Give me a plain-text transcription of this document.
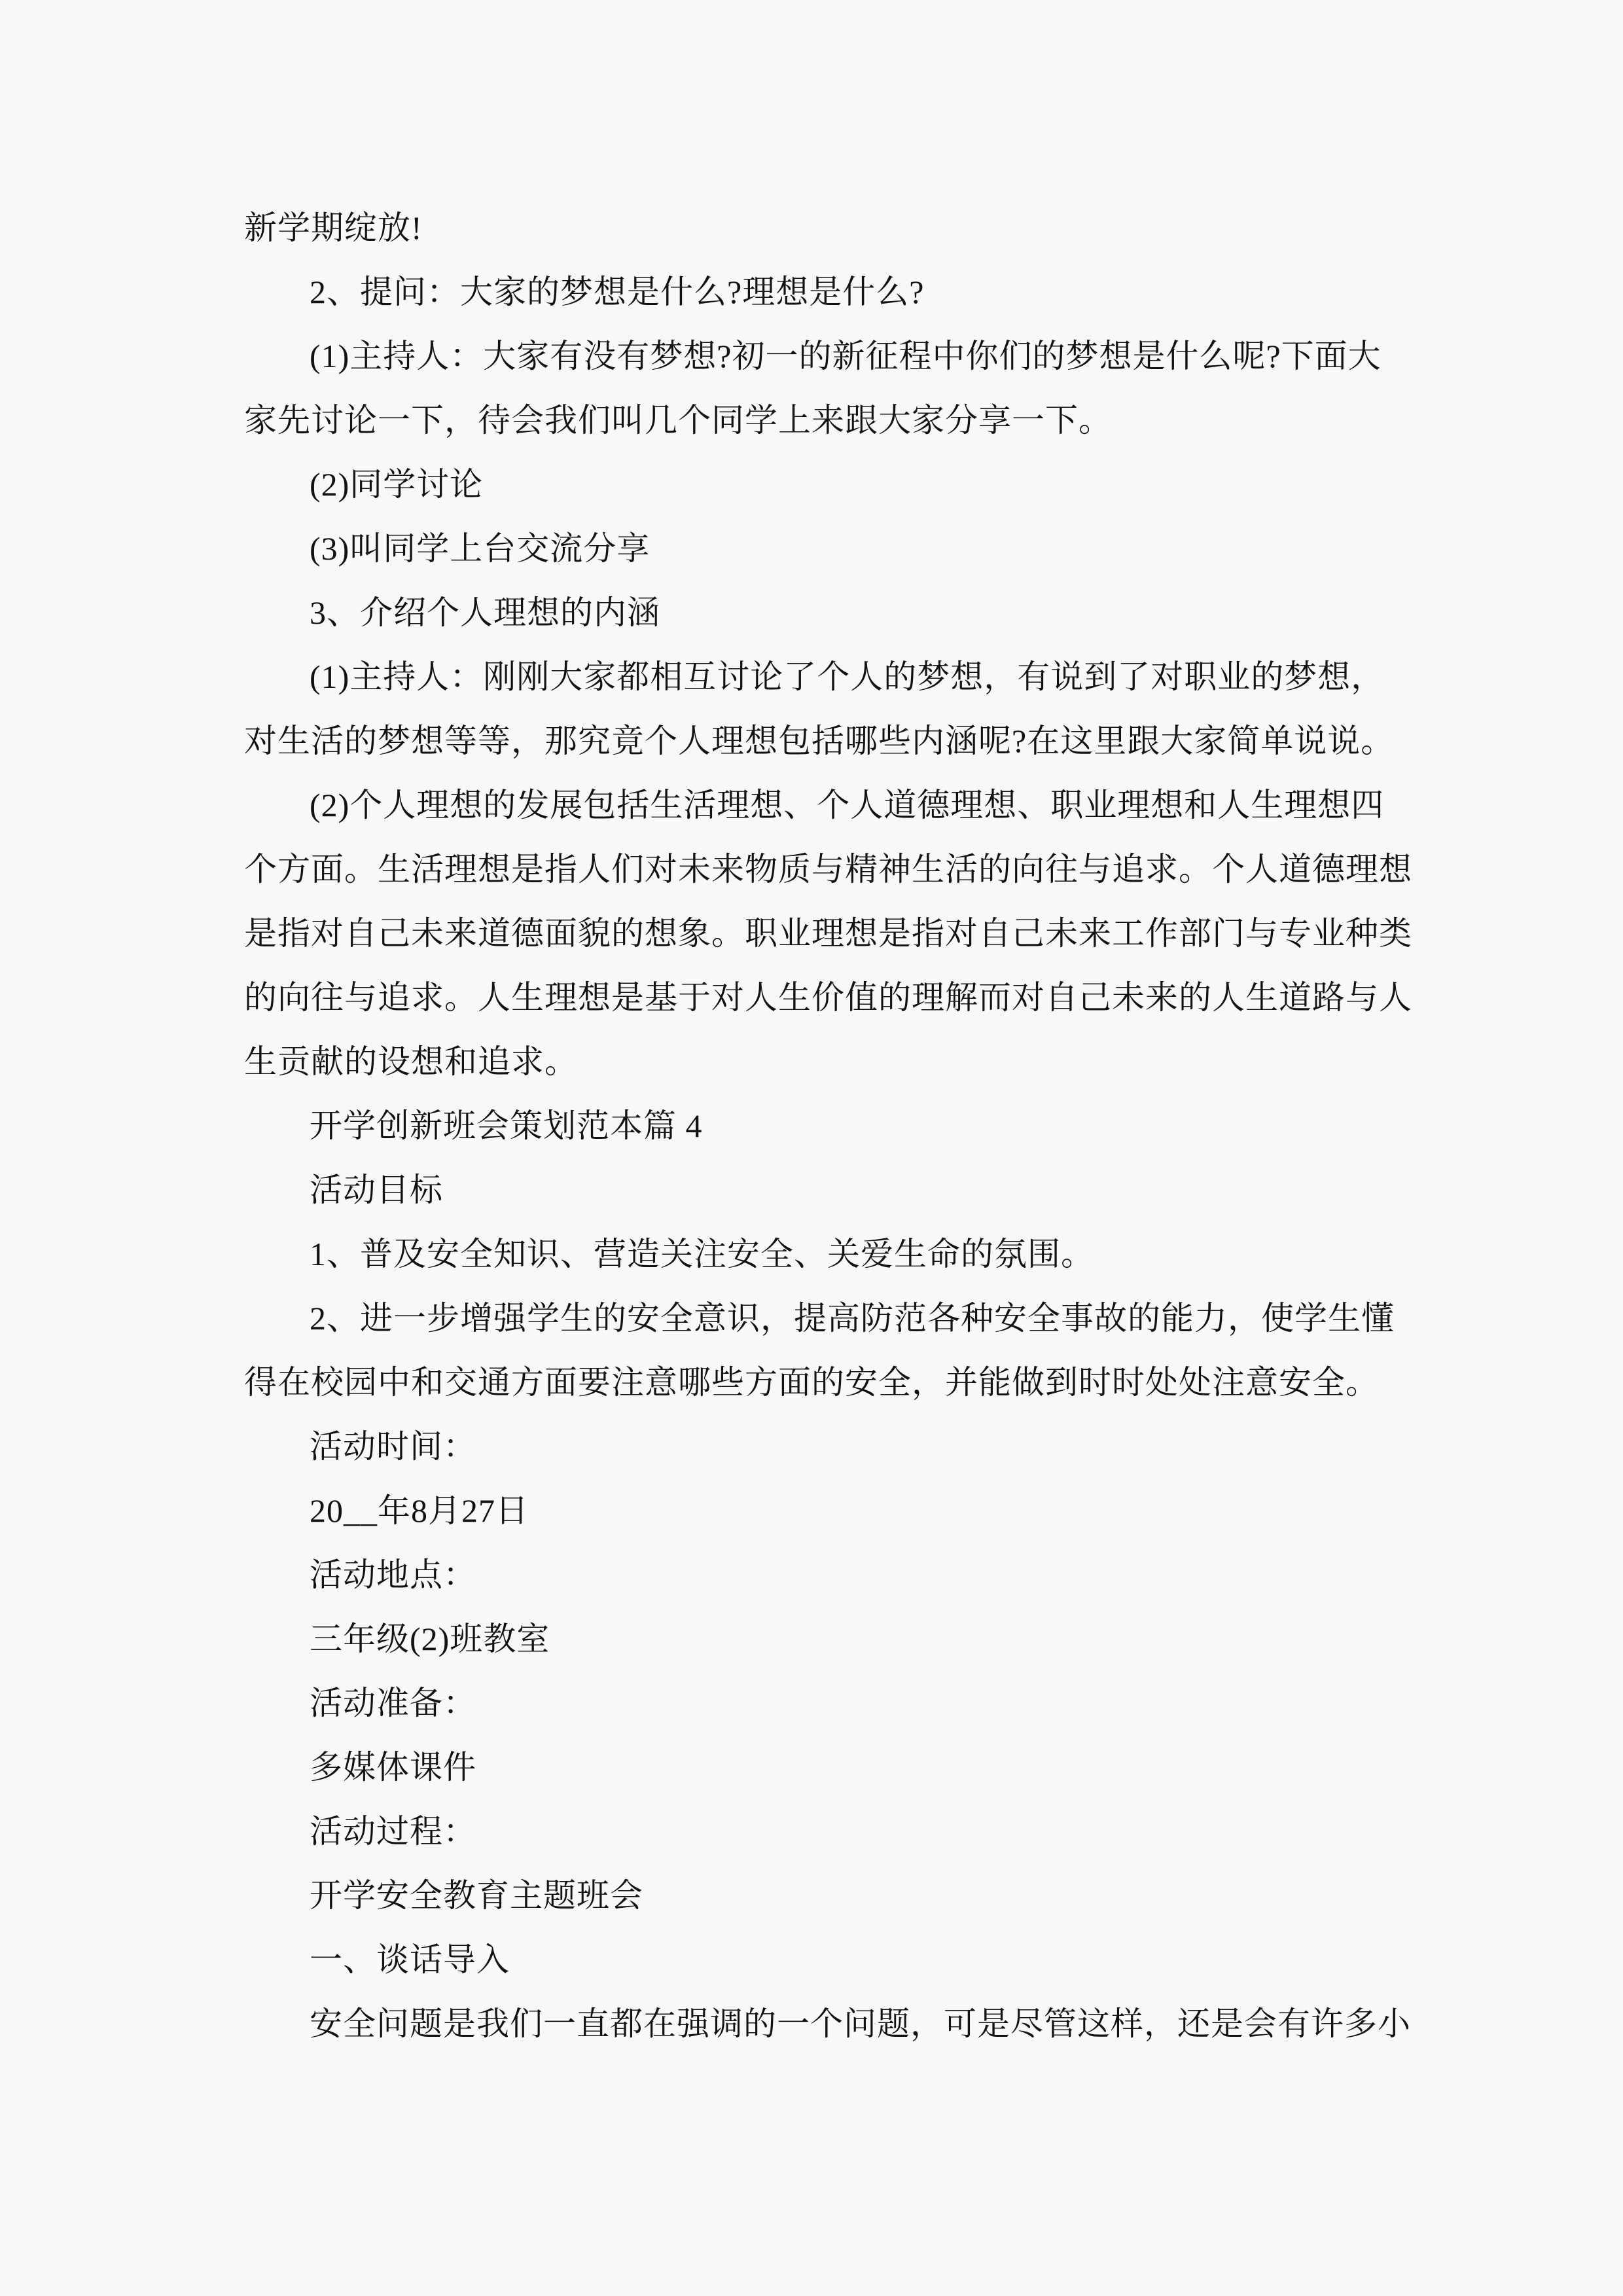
新学期绽放!
2、提问：大家的梦想是什么?理想是什么?
(1)主持人：大家有没有梦想?初一的新征程中你们的梦想是什么呢?下面大
家先讨论一下，待会我们叫几个同学上来跟大家分享一下。
(2)同学讨论
(3)叫同学上台交流分享
3、介绍个人理想的内涵
(1)主持人：刚刚大家都相互讨论了个人的梦想，有说到了对职业的梦想，
对生活的梦想等等，那究竟个人理想包括哪些内涵呢?在这里跟大家简单说说。
(2)个人理想的发展包括生活理想、个人道德理想、职业理想和人生理想四
个方面。生活理想是指人们对未来物质与精神生活的向往与追求。个人道德理想
是指对自己未来道德面貌的想象。职业理想是指对自己未来工作部门与专业种类
的向往与追求。人生理想是基于对人生价值的理解而对自己未来的人生道路与人
生贡献的设想和追求。
开学创新班会策划范本篇 4
活动目标
1、普及安全知识、营造关注安全、关爱生命的氛围。
2、进一步增强学生的安全意识，提高防范各种安全事故的能力，使学生懂
得在校园中和交通方面要注意哪些方面的安全，并能做到时时处处注意安全。
活动时间：
20__年8月27日
活动地点：
三年级(2)班教室
活动准备：
多媒体课件
活动过程：
开学安全教育主题班会
一、谈话导入
安全问题是我们一直都在强调的一个问题，可是尽管这样，还是会有许多小
